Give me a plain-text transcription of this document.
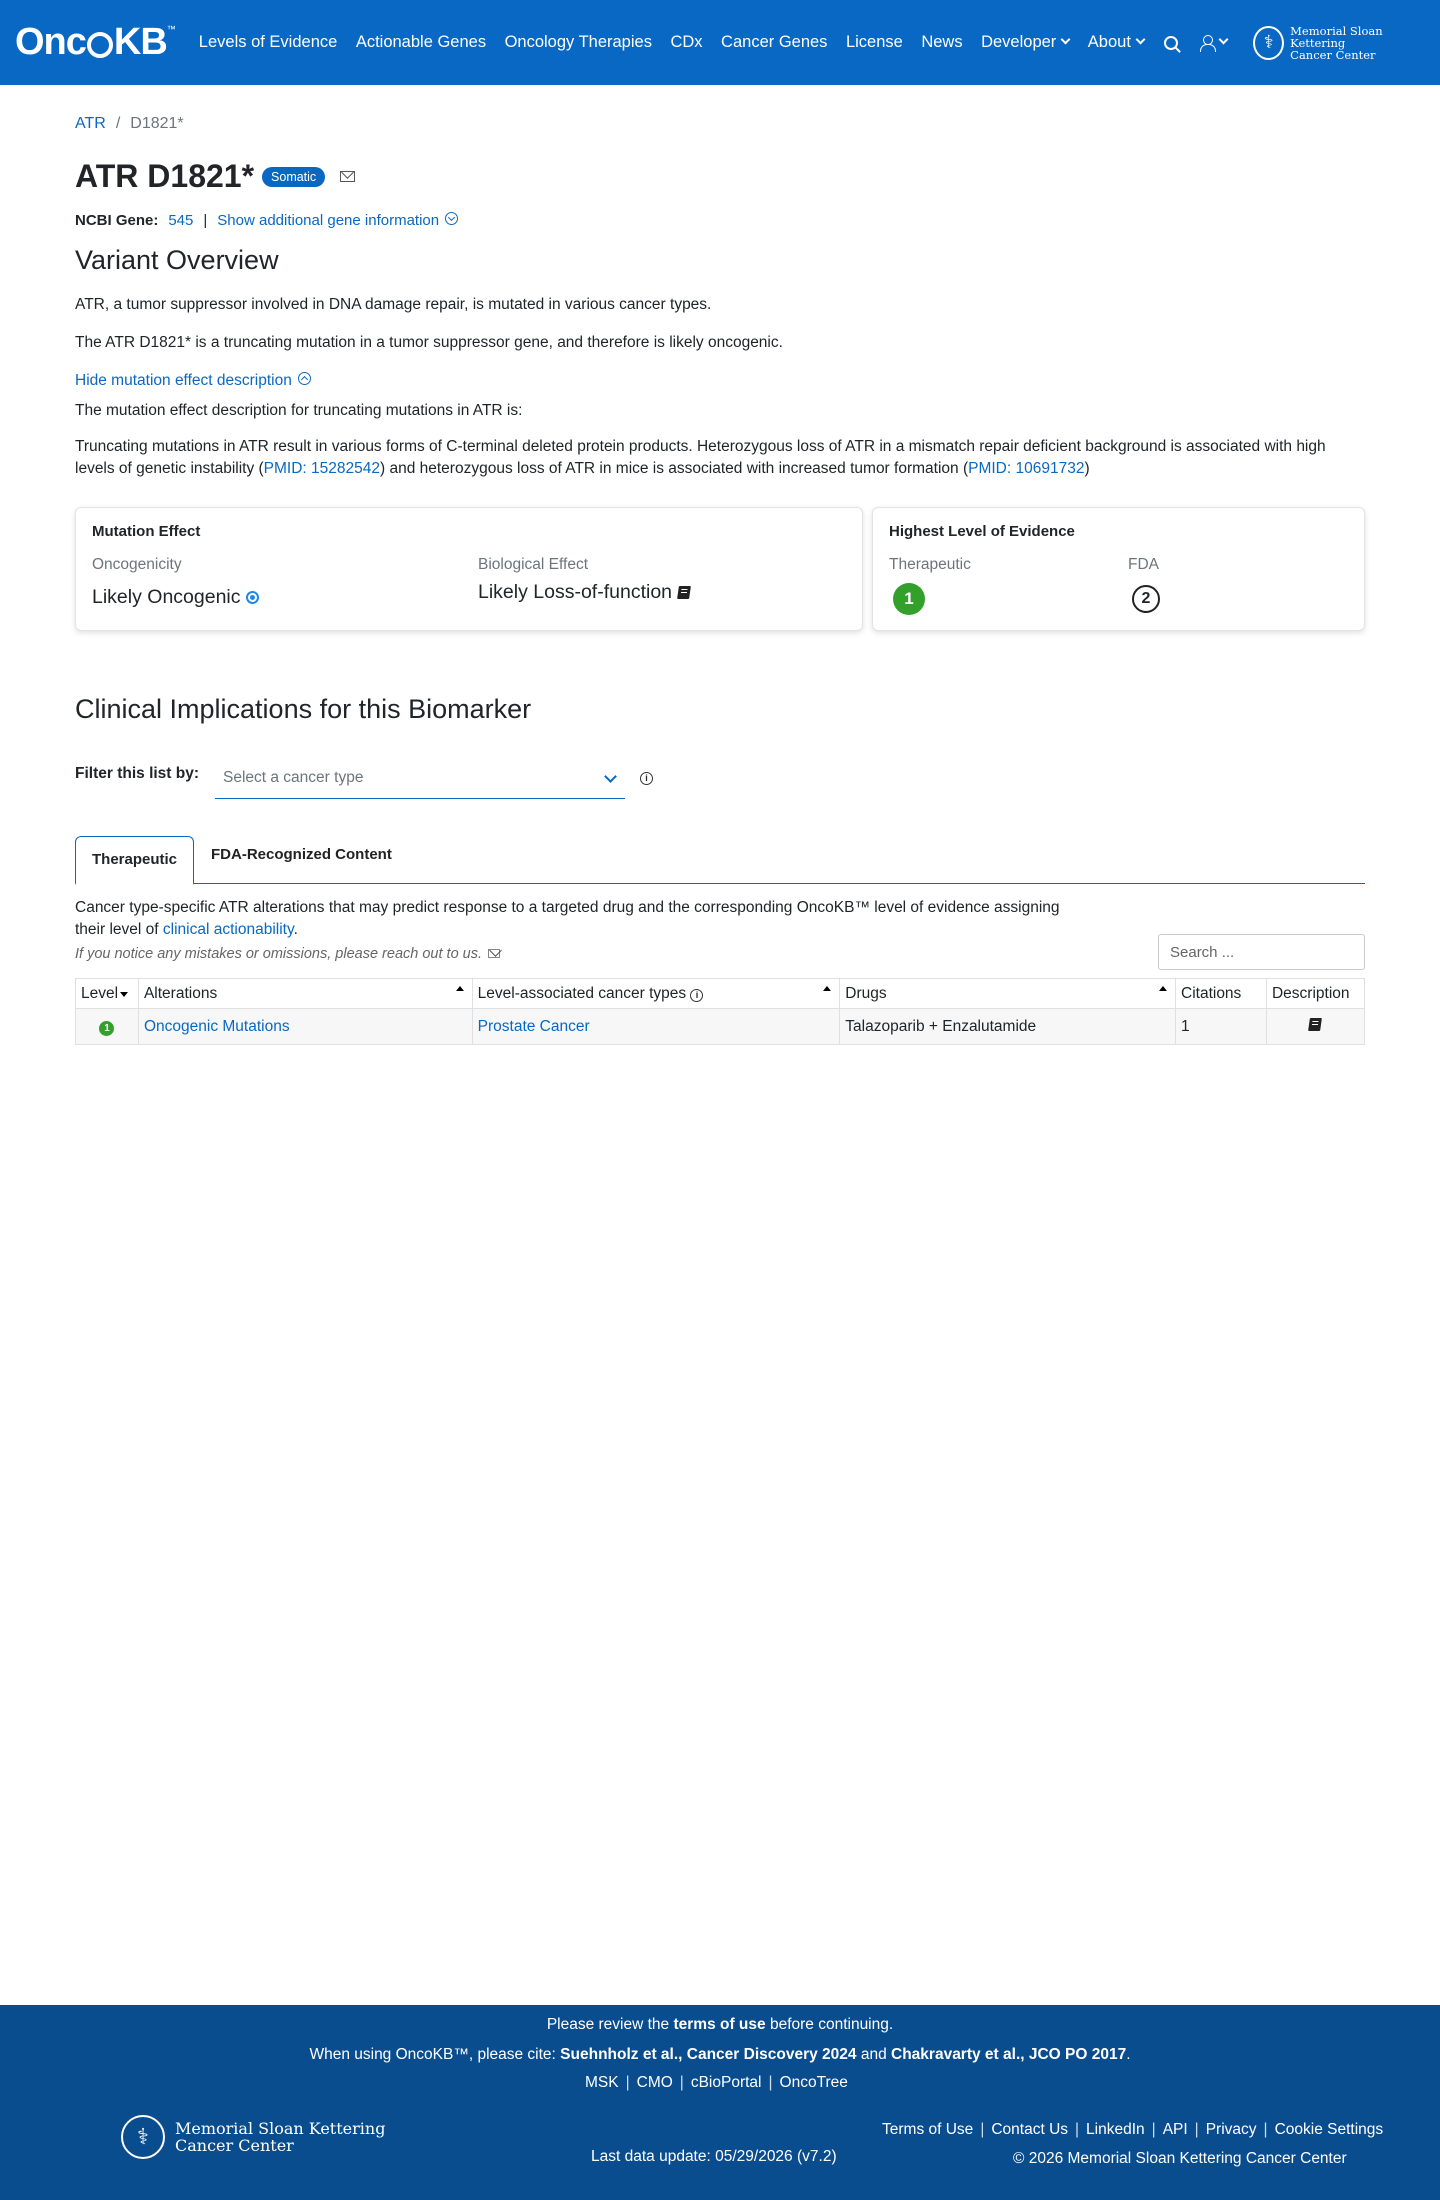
Onc KB™
Levels of Evidence Actionable Genes Oncology Therapies CDx Cancer Genes License News Developer About	⚕
Memorial Sloan Kettering
Cancer Center
ATR / D1821*
ATR D1821*	Somatic
NCBI Gene: 545 | Show additional gene information
Variant Overview

ATR, a tumor suppressor involved in DNA damage repair, is mutated in various cancer types.

The ATR D1821* is a truncating mutation in a tumor suppressor gene, and therefore is likely oncogenic.

Hide mutation effect description

The mutation effect description for truncating mutations in ATR is:

Truncating mutations in ATR result in various forms of C-terminal deleted protein products. Heterozygous loss of ATR in a mismatch repair deficient background is associated with high levels of genetic instability (PMID: 15282542) and heterozygous loss of ATR in mice is associated with increased tumor formation (PMID: 10691732)

Mutation Effect
Oncogenicity
Likely Oncogenic
Biological Effect
Likely Loss-of-function
Highest Level of Evidence
Therapeutic
1
FDA
2
Clinical Implications for this Biomarker
Filter this list by:	Select a cancer type	i
Therapeutic	FDA-Recognized Content

Cancer type-specific ATR alterations that may predict response to a targeted drug and the corresponding OncoKB™ level of evidence assigning their level of clinical actionability.

If you notice any mistakes or omissions, please reach out to us.

Search ...
Level	Alterations	Level-associated cancer types i	Drugs	Citations	Description
1	Oncogenic Mutations	Prostate Cancer	Talazoparib + Enzalutamide	1	
Please review the terms of use before continuing.
When using OncoKB™, please cite: Suehnholz et al., Cancer Discovery 2024 and Chakravarty et al., JCO PO 2017.
MSK | CMO | cBioPortal | OncoTree
⚕	Memorial Sloan Kettering
Cancer Center
Last data update: 05/29/2026 (v7.2)
Terms of Use | Contact Us | LinkedIn | API | Privacy | Cookie Settings
© 2026 Memorial Sloan Kettering Cancer Center
